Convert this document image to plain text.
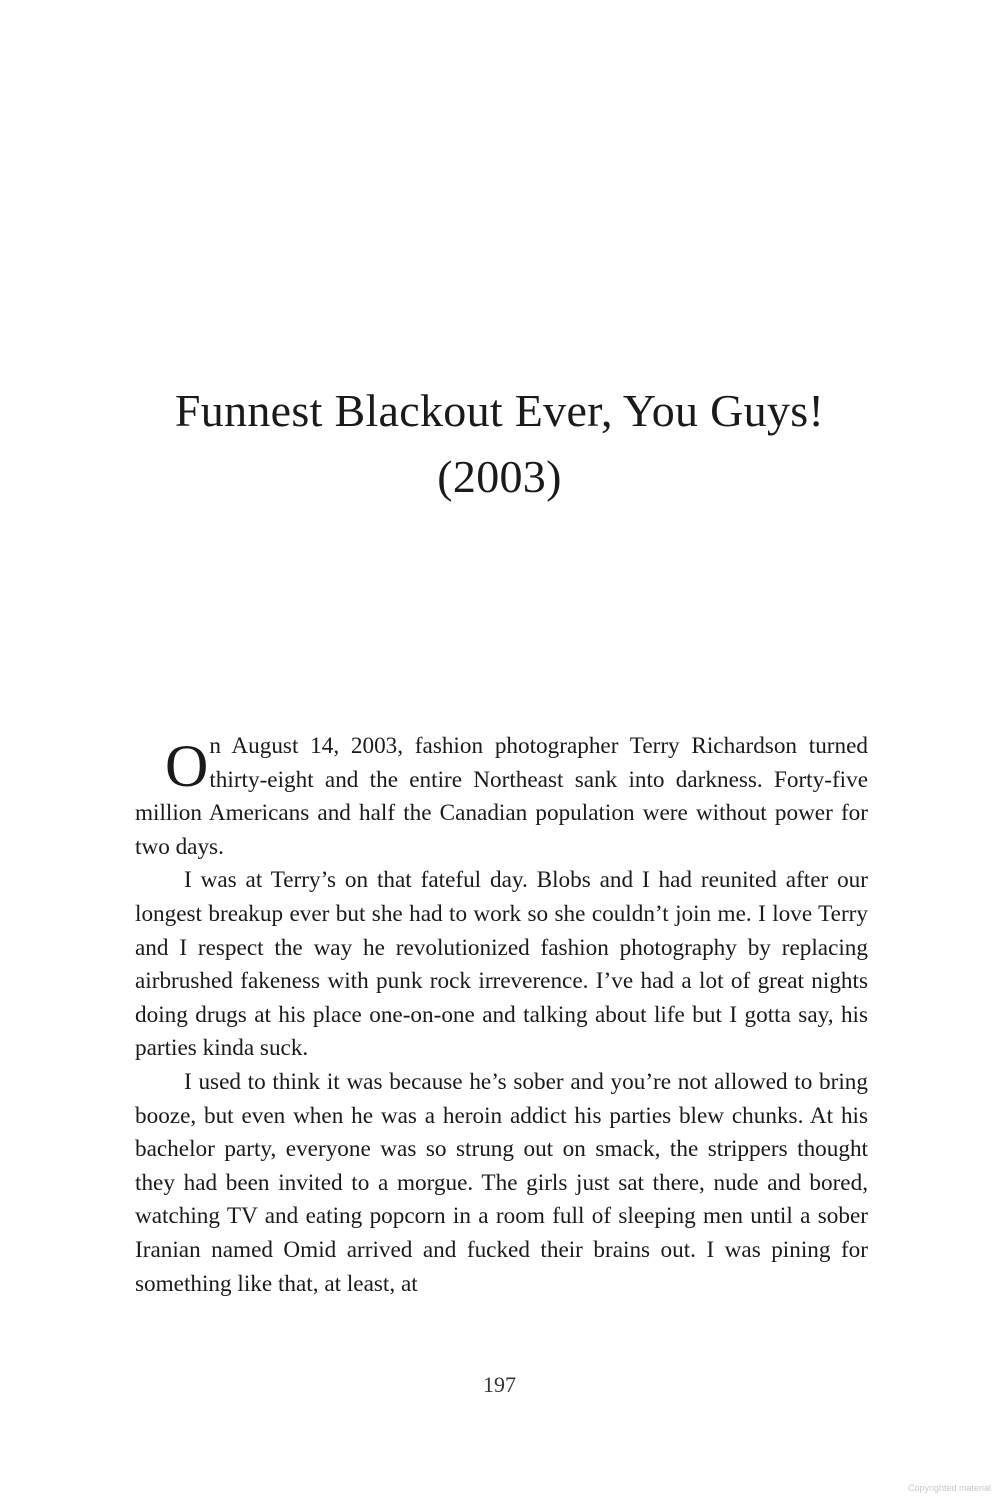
Funnest Blackout Ever, You Guys!
(2003)

On August 14, 2003, fashion photographer Terry Richardson turned thirty-eight and the entire Northeast sank into darkness. Forty-five million Americans and half the Canadian population were without power for two days.

I was at Terry’s on that fateful day. Blobs and I had reunited after our longest breakup ever but she had to work so she couldn’t join me. I love Terry and I respect the way he revolutionized fashion photography by replacing airbrushed fakeness with punk rock irreverence. I’ve had a lot of great nights doing drugs at his place one-on-one and talking about life but I gotta say, his parties kinda suck.

I used to think it was because he’s sober and you’re not allowed to bring booze, but even when he was a heroin addict his parties blew chunks. At his bachelor party, everyone was so strung out on smack, the strippers thought they had been invited to a morgue. The girls just sat there, nude and bored, watching TV and eating popcorn in a room full of sleeping men until a sober Iranian named Omid arrived and fucked their brains out. I was pining for something like that, at least, at

197
Copyrighted material
